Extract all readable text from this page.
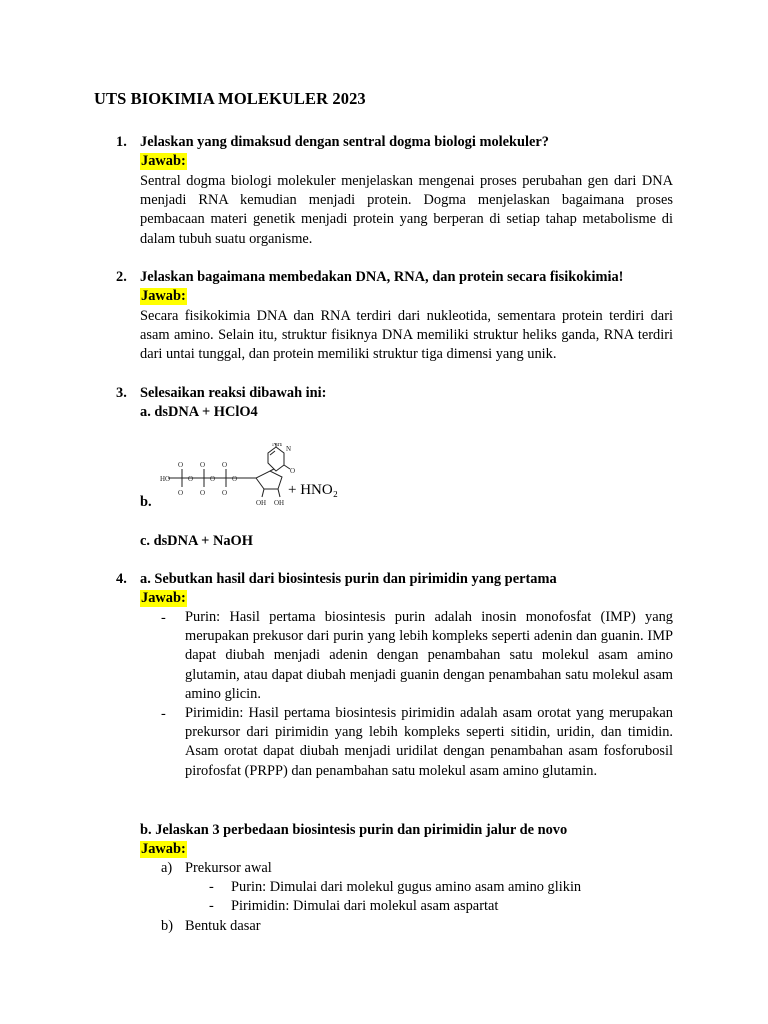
UTS BIOKIMIA MOLEKULER 2023
1. Jelaskan yang dimaksud dengan sentral dogma biologi molekuler?
Jawab:
Sentral dogma biologi molekuler menjelaskan mengenai proses perubahan gen dari DNA menjadi RNA kemudian menjadi protein. Dogma menjelaskan bagaimana proses pembacaan materi genetik menjadi protein yang berperan di setiap tahap metabolisme di dalam tubuh suatu organisme.
2. Jelaskan bagaimana membedakan DNA, RNA, dan protein secara fisikokimia!
Jawab:
Secara fisikokimia DNA dan RNA terdiri dari nukleotida, sementara protein terdiri dari asam amino. Selain itu, struktur fisiknya DNA memiliki struktur heliks ganda, RNA terdiri dari untai tunggal, dan protein memiliki struktur tiga dimensi yang unik.
3. Selesaikan reaksi dibawah ini:
a. dsDNA + HClO4
HO
O O O
O O O
O O O
NH
N
O
OH OH
+ HNO₂
b.
c. dsDNA + NaOH
4. a. Sebutkan hasil dari biosintesis purin dan pirimidin yang pertama
Jawab:
- Purin: Hasil pertama biosintesis purin adalah inosin monofosfat (IMP) yang merupakan prekusor dari purin yang lebih kompleks seperti adenin dan guanin. IMP dapat diubah menjadi adenin dengan penambahan satu molekul asam amino glutamin, atau dapat diubah menjadi guanin dengan penambahan satu molekul asam amino glicin.
- Pirimidin: Hasil pertama biosintesis pirimidin adalah asam orotat yang merupakan prekursor dari pirimidin yang lebih kompleks seperti sitidin, uridin, dan timidin. Asam orotat dapat diubah menjadi uridilat dengan penambahan asam fosforubosil pirofosfat (PRPP) dan penambahan satu molekul asam amino glutamin.
b. Jelaskan 3 perbedaan biosintesis purin dan pirimidin jalur de novo
Jawab:
a) Prekursor awal
- Purin: Dimulai dari molekul gugus amino asam amino glikin
- Pirimidin: Dimulai dari molekul asam aspartat
b) Bentuk dasar
